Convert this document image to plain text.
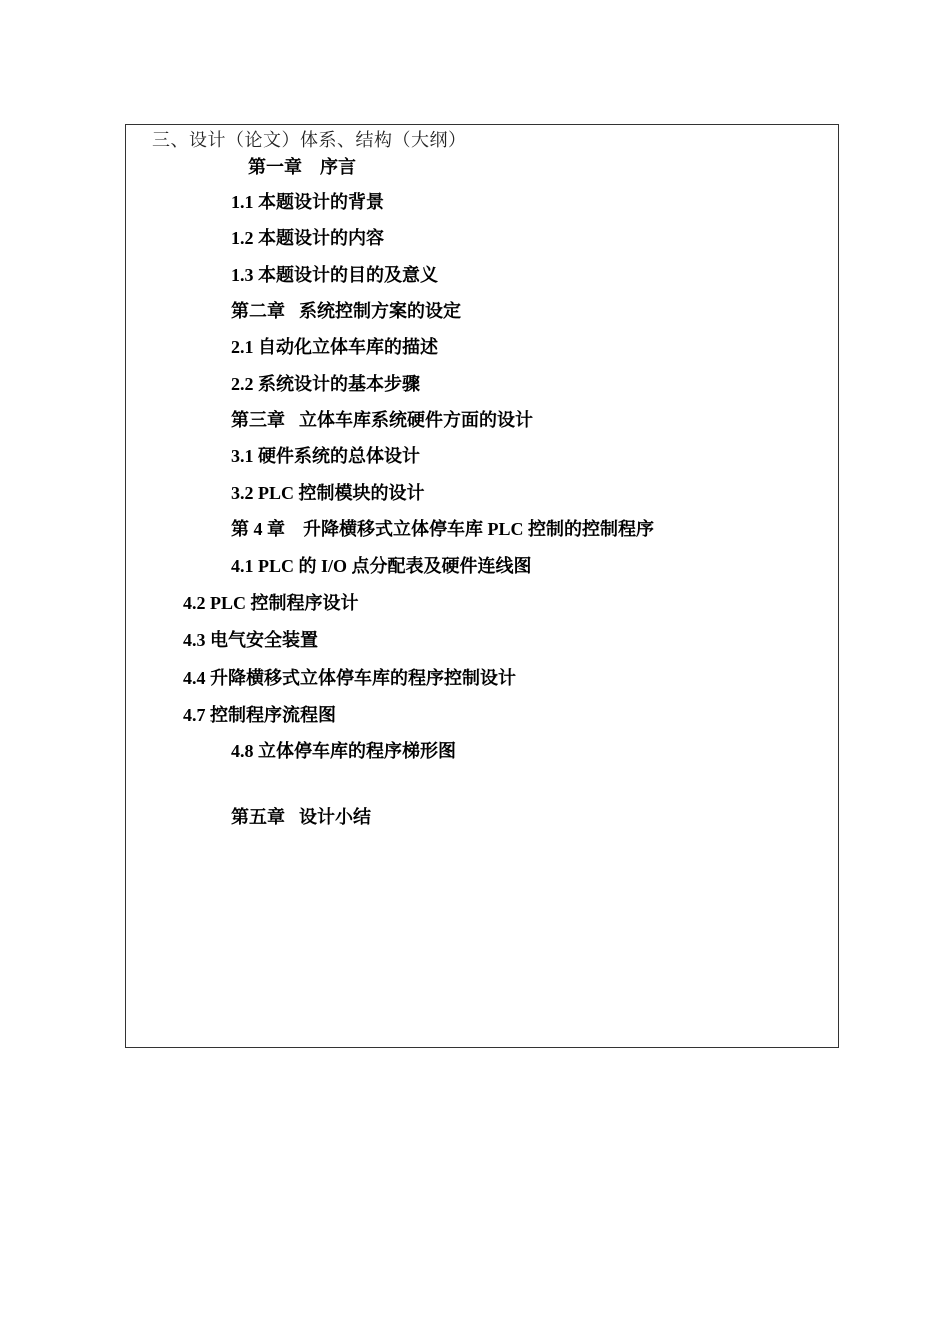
三、设计（论文）体系、结构（大纲）
第一章 序言
1.1 本题设计的背景
1.2 本题设计的内容
1.3 本题设计的目的及意义
第二章 系统控制方案的设定
2.1 自动化立体车库的描述
2.2 系统设计的基本步骤
第三章 立体车库系统硬件方面的设计
3.1 硬件系统的总体设计
3.2 PLC 控制模块的设计
第 4 章 升降横移式立体停车库 PLC 控制的控制程序
4.1 PLC 的 I/O 点分配表及硬件连线图
4.2 PLC 控制程序设计
4.3 电气安全装置
4.4 升降横移式立体停车库的程序控制设计
4.7 控制程序流程图
4.8 立体停车库的程序梯形图
第五章 设计小结
